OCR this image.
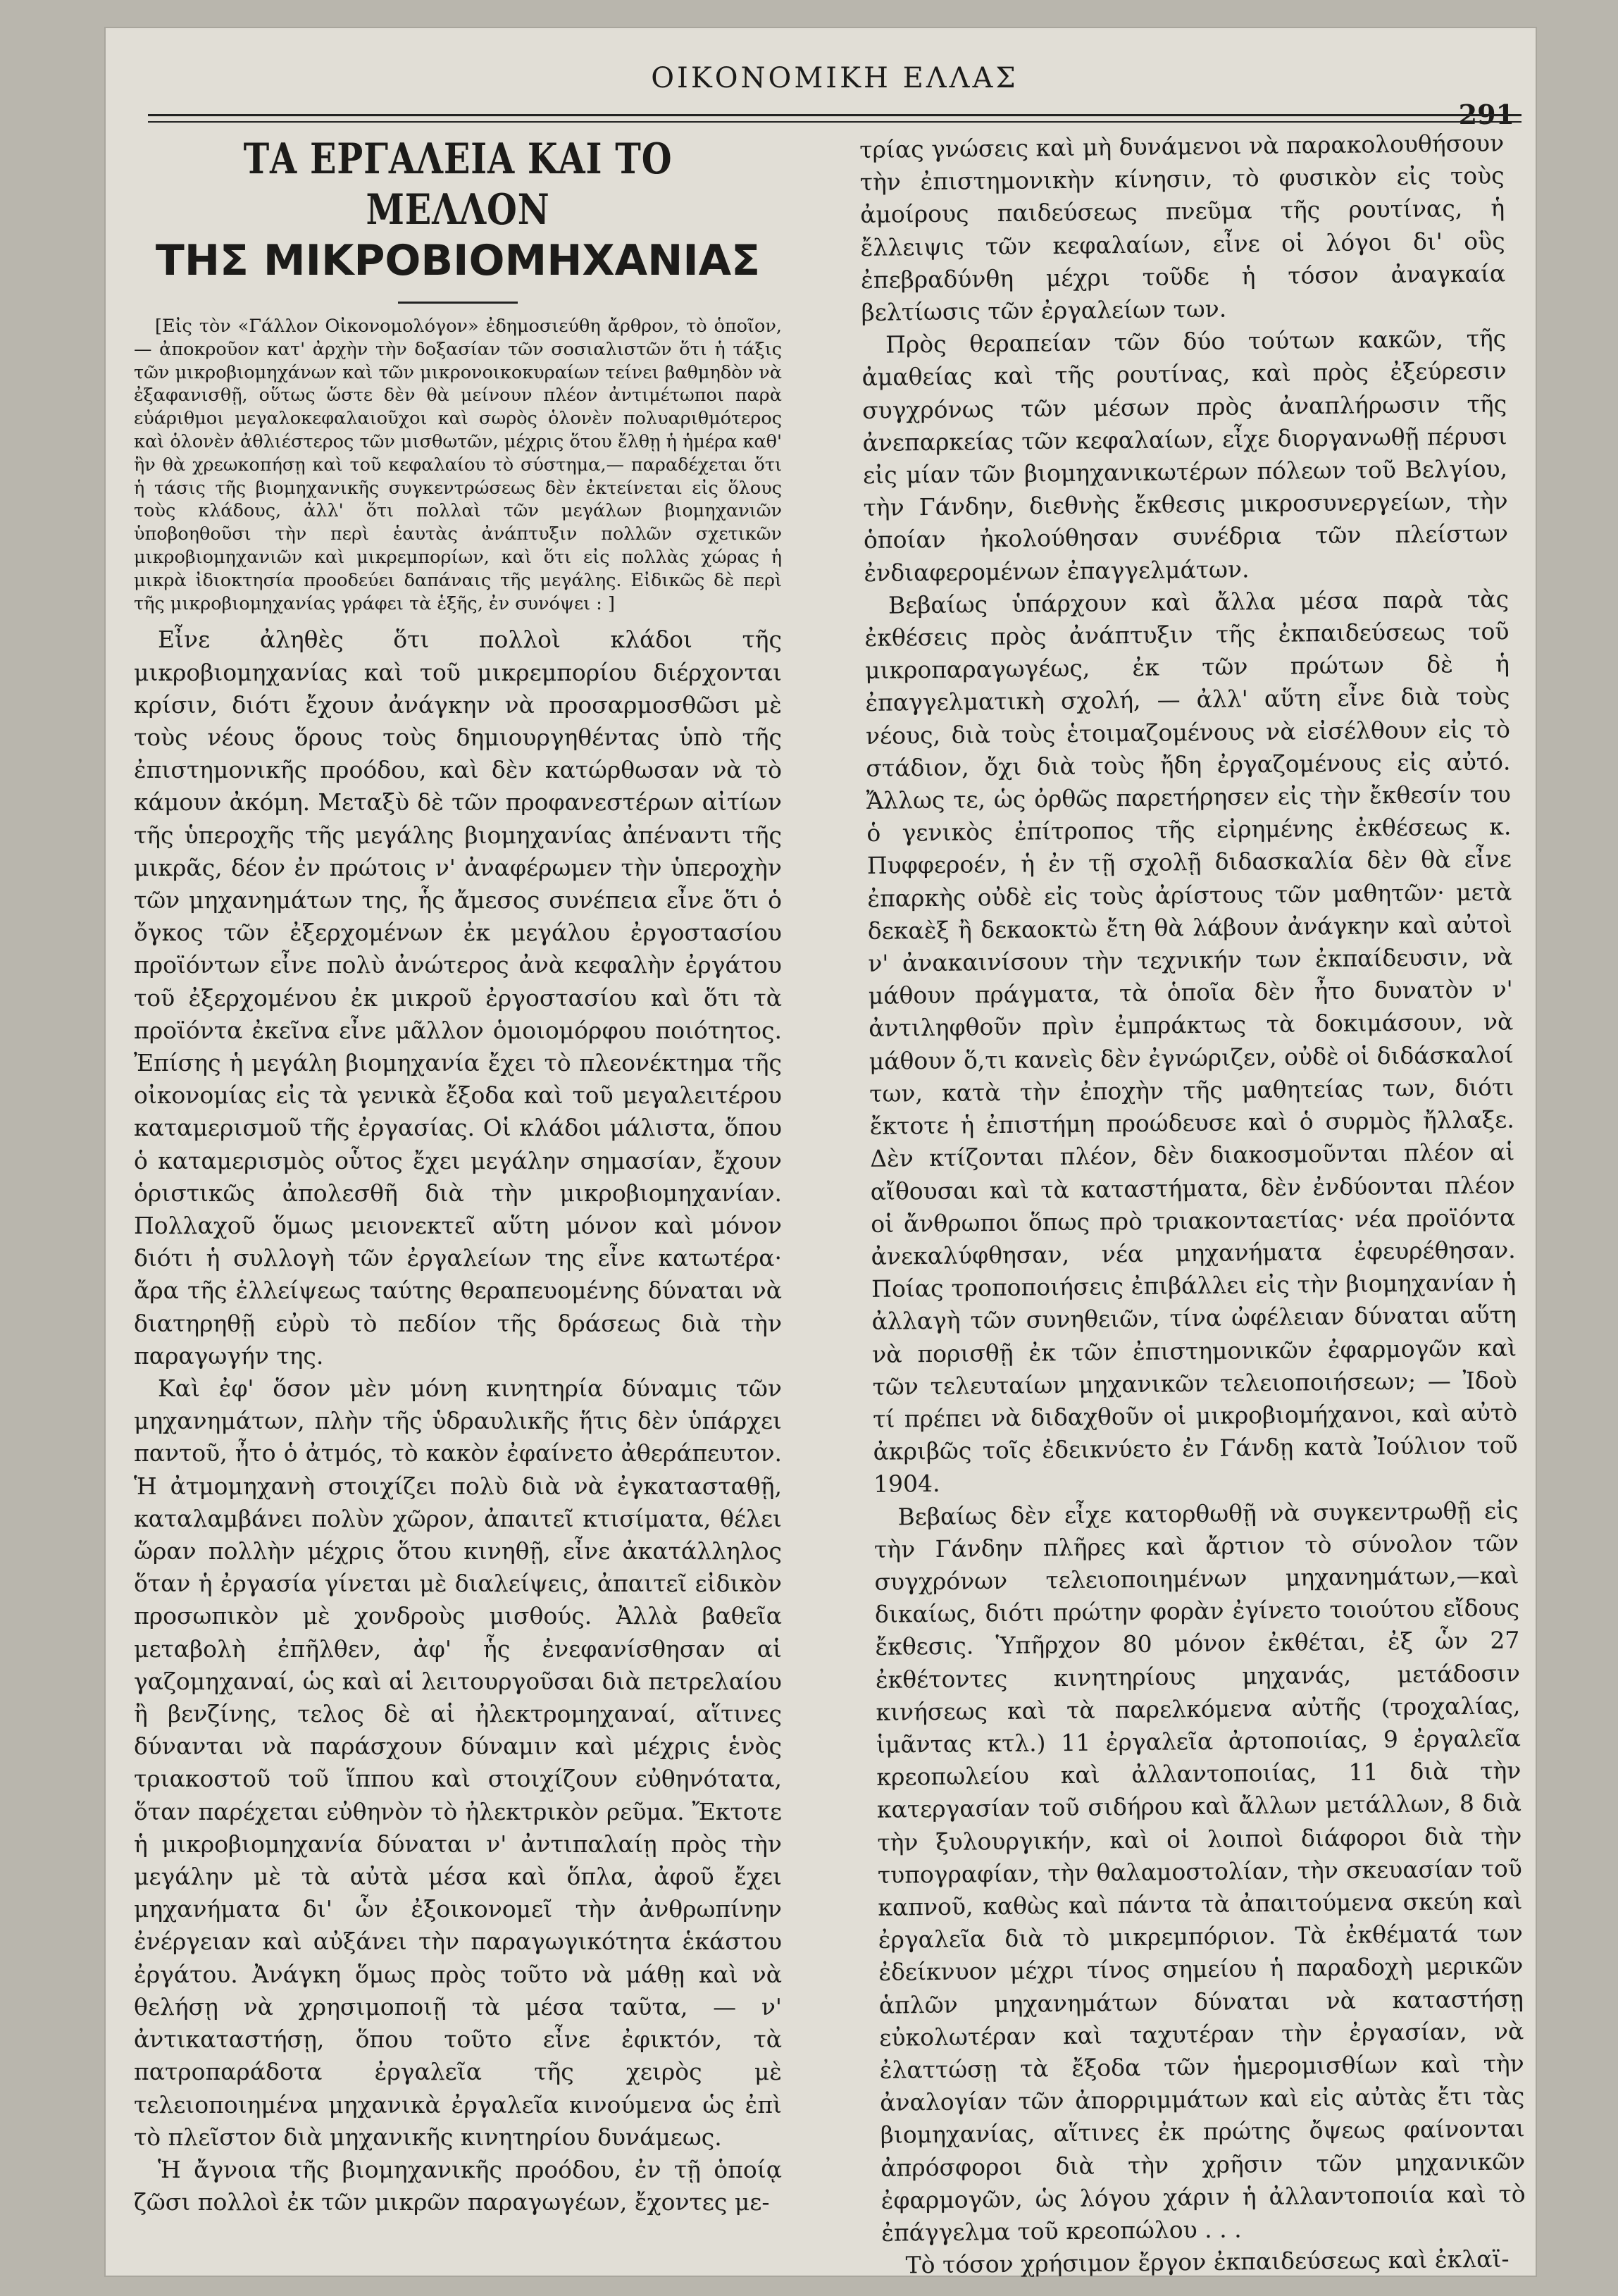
ΟΙΚΟΝΟΜΙΚΗ ΕΛΛΑΣ
291
ΤΑ ΕΡΓΑΛΕΙΑ ΚΑΙ ΤΟ ΜΕΛΛΟΝ
ΤΗΣ ΜΙΚΡΟΒΙΟΜΗΧΑΝΙΑΣ

[Εἰς τὸν «Γάλλον Οἰκονομολόγον» ἐδημοσιεύθη ἄρθρον, τὸ ὁποῖον,— ἀποκροῦον κατ' ἀρχὴν τὴν δοξασίαν τῶν σοσιαλιστῶν ὅτι ἡ τάξις τῶν μικροβιομηχάνων καὶ τῶν μικρονοικοκυραίων τείνει βαθμηδὸν νὰ ἐξαφανισθῇ, οὕτως ὥστε δὲν θὰ μείνουν πλέον ἀντιμέτωποι παρὰ εὐάριθμοι μεγαλοκεφαλαιοῦχοι καὶ σωρὸς ὁλονὲν πολυαριθμότερος καὶ ὁλονὲν ἀθλιέστερος τῶν μισθωτῶν, μέχρις ὅτου ἔλθῃ ἡ ἡμέρα καθ' ἣν θὰ χρεωκοπήσῃ καὶ τοῦ κεφαλαίου τὸ σύστημα,— παραδέχεται ὅτι ἡ τάσις τῆς βιομηχανικῆς συγκεντρώσεως δὲν ἐκτείνεται εἰς ὅλους τοὺς κλάδους, ἀλλ' ὅτι πολλαὶ τῶν μεγάλων βιομηχανιῶν ὑποβοηθοῦσι τὴν περὶ ἑαυτὰς ἀνάπτυξιν πολλῶν σχετικῶν μικροβιομηχανιῶν καὶ μικρεμπορίων, καὶ ὅτι εἰς πολλὰς χώρας ἡ μικρὰ ἰδιοκτησία προοδεύει δαπάναις τῆς μεγάλης. Εἰδικῶς δὲ περὶ τῆς μικροβιομηχανίας γράφει τὰ ἑξῆς, ἐν συνόψει : ]

Εἶνε ἀληθὲς ὅτι πολλοὶ κλάδοι τῆς μικροβιομηχανίας καὶ τοῦ μικρεμπορίου διέρχονται κρίσιν, διότι ἔχουν ἀνάγκην νὰ προσαρμοσθῶσι μὲ τοὺς νέους ὅρους τοὺς δημιουργηθέντας ὑπὸ τῆς ἐπιστημονικῆς προόδου, καὶ δὲν κατώρθωσαν νὰ τὸ κάμουν ἀκόμη. Μεταξὺ δὲ τῶν προφανεστέρων αἰτίων τῆς ὑπεροχῆς τῆς μεγάλης βιομηχανίας ἀπέναντι τῆς μικρᾶς, δέον ἐν πρώτοις ν' ἀναφέρωμεν τὴν ὑπεροχὴν τῶν μηχανημάτων της, ἧς ἄμεσος συνέπεια εἶνε ὅτι ὁ ὄγκος τῶν ἐξερχομένων ἐκ μεγάλου ἐργοστασίου προϊόντων εἶνε πολὺ ἀνώτερος ἀνὰ κεφαλὴν ἐργάτου τοῦ ἐξερχομένου ἐκ μικροῦ ἐργοστασίου καὶ ὅτι τὰ προϊόντα ἐκεῖνα εἶνε μᾶλλον ὁμοιομόρφου ποιότητος. Ἐπίσης ἡ μεγάλη βιομηχανία ἔχει τὸ πλεονέκτημα τῆς οἰκονομίας εἰς τὰ γενικὰ ἔξοδα καὶ τοῦ μεγαλειτέρου καταμερισμοῦ τῆς ἐργασίας. Οἱ κλάδοι μάλιστα, ὅπου ὁ καταμερισμὸς οὗτος ἔχει μεγάλην σημασίαν, ἔχουν ὁριστικῶς ἀπολεσθῆ διὰ τὴν μικροβιομηχανίαν. Πολλαχοῦ ὅμως μειονεκτεῖ αὕτη μόνον καὶ μόνον διότι ἡ συλλογὴ τῶν ἐργαλείων της εἶνε κατωτέρα· ἄρα τῆς ἐλλείψεως ταύτης θεραπευομένης δύναται νὰ διατηρηθῇ εὐρὺ τὸ πεδίον τῆς δράσεως διὰ τὴν παραγωγήν της.

Καὶ ἐφ' ὅσον μὲν μόνη κινητηρία δύναμις τῶν μηχανημάτων, πλὴν τῆς ὑδραυλικῆς ἥτις δὲν ὑπάρχει παντοῦ, ἦτο ὁ ἀτμός, τὸ κακὸν ἐφαίνετο ἀθεράπευτον. Ἡ ἀτμομηχανὴ στοιχίζει πολὺ διὰ νὰ ἐγκατασταθῇ, καταλαμβάνει πολὺν χῶρον, ἀπαιτεῖ κτισίματα, θέλει ὥραν πολλὴν μέχρις ὅτου κινηθῇ, εἶνε ἀκατάλληλος ὅταν ἡ ἐργασία γίνεται μὲ διαλείψεις, ἀπαιτεῖ εἰδικὸν προσωπικὸν μὲ χονδροὺς μισθούς. Ἀλλὰ βαθεῖα μεταβολὴ ἐπῆλθεν, ἀφ' ἧς ἐνεφανίσθησαν αἱ γαζομηχαναί, ὡς καὶ αἱ λειτουργοῦσαι διὰ πετρελαίου ἢ βενζίνης, τελος δὲ αἱ ἠλεκτρομηχαναί, αἵτινες δύνανται νὰ παράσχουν δύναμιν καὶ μέχρις ἑνὸς τριακοστοῦ τοῦ ἵππου καὶ στοιχίζουν εὐθηνότατα, ὅταν παρέχεται εὐθηνὸν τὸ ἠλεκτρικὸν ρεῦμα. Ἔκτοτε ἡ μικροβιομηχανία δύναται ν' ἀντιπαλαίῃ πρὸς τὴν μεγάλην μὲ τὰ αὐτὰ μέσα καὶ ὅπλα, ἀφοῦ ἔχει μηχανήματα δι' ὧν ἐξοικονομεῖ τὴν ἀνθρωπίνην ἐνέργειαν καὶ αὐξάνει τὴν παραγωγικότητα ἑκάστου ἐργάτου. Ἀνάγκη ὅμως πρὸς τοῦτο νὰ μάθῃ καὶ νὰ θελήσῃ νὰ χρησιμοποιῇ τὰ μέσα ταῦτα, — ν' ἀντικαταστήσῃ, ὅπου τοῦτο εἶνε ἐφικτόν, τὰ πατροπαράδοτα ἐργαλεῖα τῆς χειρὸς μὲ τελειοποιημένα μηχανικὰ ἐργαλεῖα κινούμενα ὡς ἐπὶ τὸ πλεῖστον διὰ μηχανικῆς κινητηρίου δυνάμεως.

Ἡ ἄγνοια τῆς βιομηχανικῆς προόδου, ἐν τῇ ὁποίᾳ ζῶσι πολλοὶ ἐκ τῶν μικρῶν παραγωγέων, ἔχοντες με-

τρίας γνώσεις καὶ μὴ δυνάμενοι νὰ παρακολουθήσουν τὴν ἐπιστημονικὴν κίνησιν, τὸ φυσικὸν εἰς τοὺς ἀμοίρους παιδεύσεως πνεῦμα τῆς ρουτίνας, ἡ ἔλλειψις τῶν κεφαλαίων, εἶνε οἱ λόγοι δι' οὓς ἐπεβραδύνθη μέχρι τοῦδε ἡ τόσον ἀναγκαία βελτίωσις τῶν ἐργαλείων των.

Πρὸς θεραπείαν τῶν δύο τούτων κακῶν, τῆς ἀμαθείας καὶ τῆς ρουτίνας, καὶ πρὸς ἐξεύρεσιν συγχρόνως τῶν μέσων πρὸς ἀναπλήρωσιν τῆς ἀνεπαρκείας τῶν κεφαλαίων, εἶχε διοργανωθῇ πέρυσι εἰς μίαν τῶν βιομηχανικωτέρων πόλεων τοῦ Βελγίου, τὴν Γάνδην, διεθνὴς ἔκθεσις μικροσυνεργείων, τὴν ὁποίαν ἠκολούθησαν συνέδρια τῶν πλείστων ἐνδιαφερομένων ἐπαγγελμάτων.

Βεβαίως ὑπάρχουν καὶ ἄλλα μέσα παρὰ τὰς ἐκθέσεις πρὸς ἀνάπτυξιν τῆς ἐκπαιδεύσεως τοῦ μικροπαραγωγέως, ἐκ τῶν πρώτων δὲ ἡ ἐπαγγελματικὴ σχολή, — ἀλλ' αὕτη εἶνε διὰ τοὺς νέους, διὰ τοὺς ἑτοιμαζομένους νὰ εἰσέλθουν εἰς τὸ στάδιον, ὄχι διὰ τοὺς ἤδη ἐργαζομένους εἰς αὐτό. Ἄλλως τε, ὡς ὀρθῶς παρετήρησεν εἰς τὴν ἔκθεσίν του ὁ γενικὸς ἐπίτροπος τῆς εἰρημένης ἐκθέσεως κ. Πυφφεροέν, ἡ ἐν τῇ σχολῇ διδασκαλία δὲν θὰ εἶνε ἐπαρκὴς οὐδὲ εἰς τοὺς ἀρίστους τῶν μαθητῶν· μετὰ δεκαὲξ ἢ δεκαοκτὼ ἔτη θὰ λάβουν ἀνάγκην καὶ αὐτοὶ ν' ἀνακαινίσουν τὴν τεχνικήν των ἐκπαίδευσιν, νὰ μάθουν πράγματα, τὰ ὁποῖα δὲν ἦτο δυνατὸν ν' ἀντιληφθοῦν πρὶν ἐμπράκτως τὰ δοκιμάσουν, νὰ μάθουν ὅ,τι κανεὶς δὲν ἐγνώριζεν, οὐδὲ οἱ διδάσκαλοί των, κατὰ τὴν ἐποχὴν τῆς μαθητείας των, διότι ἔκτοτε ἡ ἐπιστήμη προώδευσε καὶ ὁ συρμὸς ἤλλαξε. Δὲν κτίζονται πλέον, δὲν διακοσμοῦνται πλέον αἱ αἴθουσαι καὶ τὰ καταστήματα, δὲν ἐνδύονται πλέον οἱ ἄνθρωποι ὅπως πρὸ τριακονταετίας· νέα προϊόντα ἀνεκαλύφθησαν, νέα μηχανήματα ἐφευρέθησαν. Ποίας τροποποιήσεις ἐπιβάλλει εἰς τὴν βιομηχανίαν ἡ ἀλλαγὴ τῶν συνηθειῶν, τίνα ὠφέλειαν δύναται αὕτη νὰ πορισθῇ ἐκ τῶν ἐπιστημονικῶν ἐφαρμογῶν καὶ τῶν τελευταίων μηχανικῶν τελειοποιήσεων; — Ἰδοὺ τί πρέπει νὰ διδαχθοῦν οἱ μικροβιομήχανοι, καὶ αὐτὸ ἀκριβῶς τοῖς ἐδεικνύετο ἐν Γάνδῃ κατὰ Ἰούλιον τοῦ 1904.

Βεβαίως δὲν εἶχε κατορθωθῇ νὰ συγκεντρωθῇ εἰς τὴν Γάνδην πλῆρες καὶ ἄρτιον τὸ σύνολον τῶν συγχρόνων τελειοποιημένων μηχανημάτων,—καὶ δικαίως, διότι πρώτην φορὰν ἐγίνετο τοιούτου εἴδους ἔκθεσις. Ὑπῆρχον 80 μόνον ἐκθέται, ἐξ ὧν 27 ἐκθέτοντες κινητηρίους μηχανάς, μετάδοσιν κινήσεως καὶ τὰ παρελκόμενα αὐτῆς (τροχαλίας, ἱμᾶντας κτλ.) 11 ἐργαλεῖα ἀρτοποιίας, 9 ἐργαλεῖα κρεοπωλείου καὶ ἀλλαντοποιίας, 11 διὰ τὴν κατεργασίαν τοῦ σιδήρου καὶ ἄλλων μετάλλων, 8 διὰ τὴν ξυλουργικήν, καὶ οἱ λοιποὶ διάφοροι διὰ τὴν τυπογραφίαν, τὴν θαλαμοστολίαν, τὴν σκευασίαν τοῦ καπνοῦ, καθὼς καὶ πάντα τὰ ἀπαιτούμενα σκεύη καὶ ἐργαλεῖα διὰ τὸ μικρεμπόριον. Τὰ ἐκθέματά των ἐδείκνυον μέχρι τίνος σημείου ἡ παραδοχὴ μερικῶν ἁπλῶν μηχανημάτων δύναται νὰ καταστήσῃ εὐκολωτέραν καὶ ταχυτέραν τὴν ἐργασίαν, νὰ ἐλαττώσῃ τὰ ἔξοδα τῶν ἡμερομισθίων καὶ τὴν ἀναλογίαν τῶν ἀπορριμμάτων καὶ εἰς αὐτὰς ἔτι τὰς βιομηχανίας, αἵτινες ἐκ πρώτης ὄψεως φαίνονται ἀπρόσφοροι διὰ τὴν χρῆσιν τῶν μηχανικῶν ἐφαρμογῶν, ὡς λόγου χάριν ἡ ἀλλαντοποιία καὶ τὸ ἐπάγγελμα τοῦ κρεοπώλου . . .

Τὸ τόσον χρήσιμον ἔργον ἐκπαιδεύσεως καὶ ἐκλαϊ-
